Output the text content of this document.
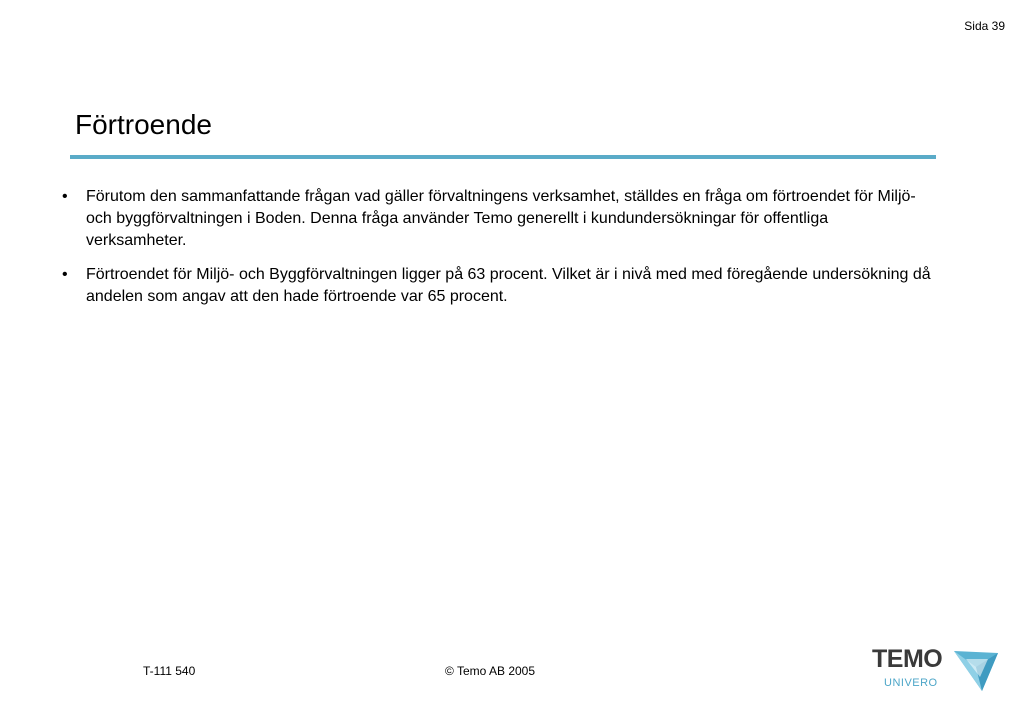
Sida 39
Förtroende
• Förutom den sammanfattande frågan vad gäller förvaltningens verksamhet, ställdes en fråga om förtroendet för Miljö- och byggförvaltningen i Boden. Denna fråga använder Temo generellt i kundundersökningar för offentliga verksamheter.
• Förtroendet för Miljö- och Byggförvaltningen ligger på 63 procent. Vilket är i nivå med med föregående undersökning då andelen som angav att den hade förtroende var 65 procent.
T-111 540	© Temo AB 2005	TEMO
UNIVERO
